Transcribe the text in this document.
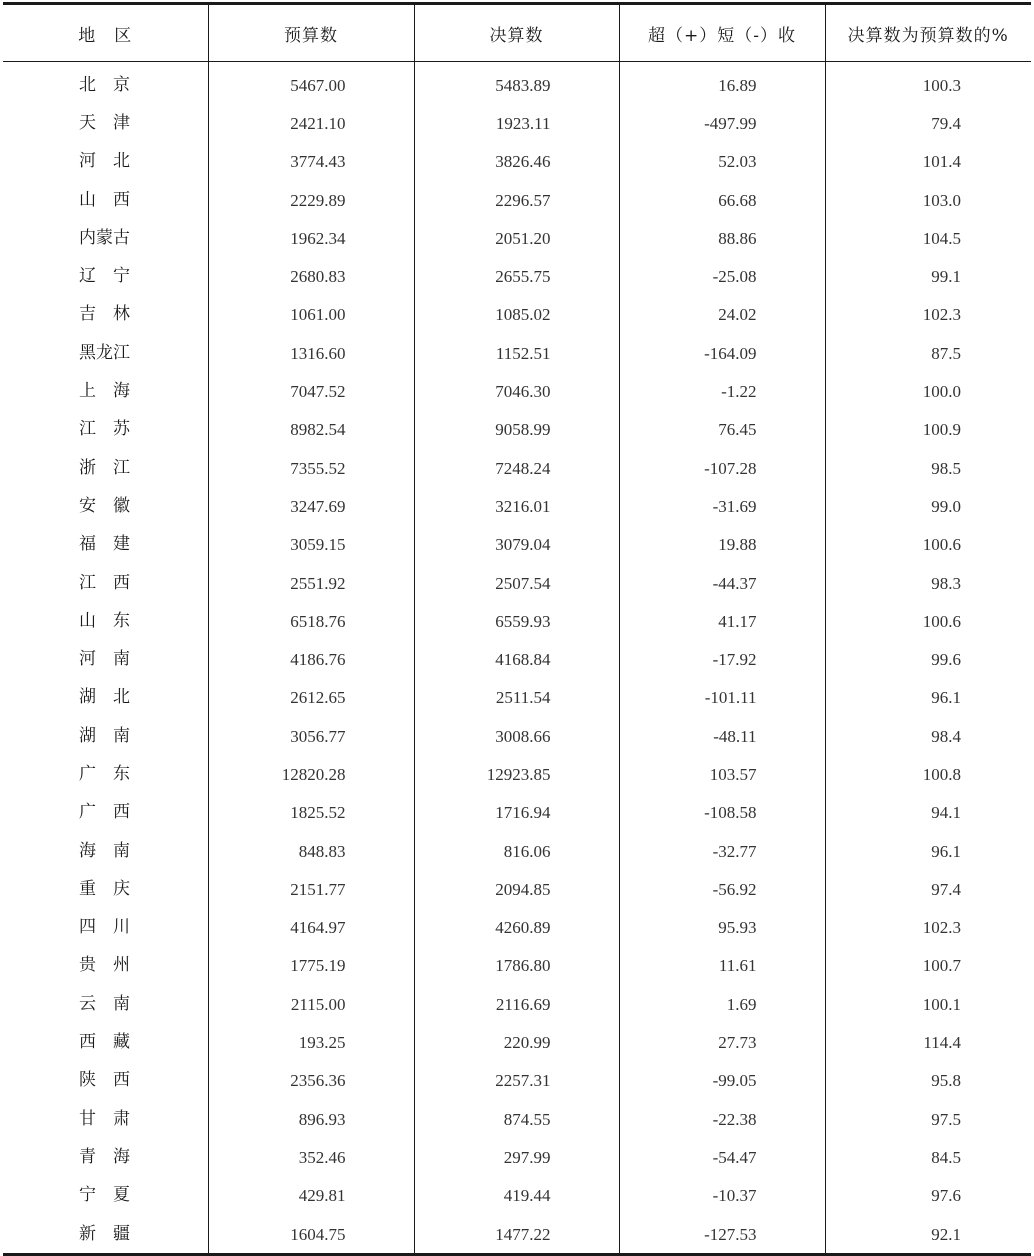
地　区	预算数	决算数	超（+）短（-）收	决算数为预算数的%

北　京	5467.00	5483.89	16.89	100.3
天　津	2421.10	1923.11	-497.99	79.4
河　北	3774.43	3826.46	52.03	101.4
山　西	2229.89	2296.57	66.68	103.0
内蒙古	1962.34	2051.20	88.86	104.5
辽　宁	2680.83	2655.75	-25.08	99.1
吉　林	1061.00	1085.02	24.02	102.3
黑龙江	1316.60	1152.51	-164.09	87.5
上　海	7047.52	7046.30	-1.22	100.0
江　苏	8982.54	9058.99	76.45	100.9
浙　江	7355.52	7248.24	-107.28	98.5
安　徽	3247.69	3216.01	-31.69	99.0
福　建	3059.15	3079.04	19.88	100.6
江　西	2551.92	2507.54	-44.37	98.3
山　东	6518.76	6559.93	41.17	100.6
河　南	4186.76	4168.84	-17.92	99.6
湖　北	2612.65	2511.54	-101.11	96.1
湖　南	3056.77	3008.66	-48.11	98.4
广　东	12820.28	12923.85	103.57	100.8
广　西	1825.52	1716.94	-108.58	94.1
海　南	848.83	816.06	-32.77	96.1
重　庆	2151.77	2094.85	-56.92	97.4
四　川	4164.97	4260.89	95.93	102.3
贵　州	1775.19	1786.80	11.61	100.7
云　南	2115.00	2116.69	1.69	100.1
西　藏	193.25	220.99	27.73	114.4
陕　西	2356.36	2257.31	-99.05	95.8
甘　肃	896.93	874.55	-22.38	97.5
青　海	352.46	297.99	-54.47	84.5
宁　夏	429.81	419.44	-10.37	97.6
新　疆	1604.75	1477.22	-127.53	92.1
